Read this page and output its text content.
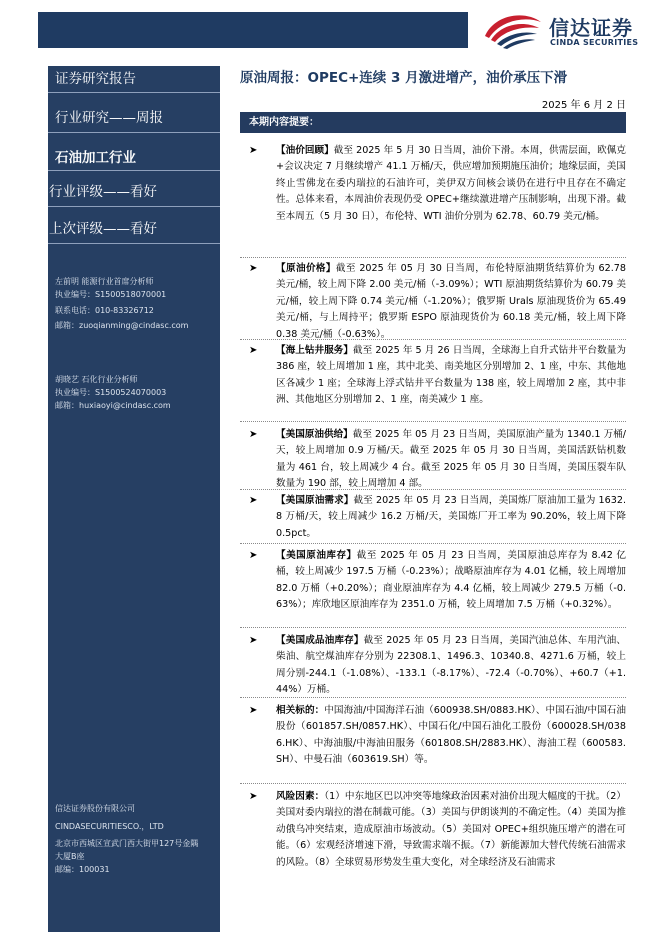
信达证券
CINDA SECURITIES
证券研究报告
行业研究——周报
石油加工行业
左前明 能源行业首席分析师
执业编号：S1500518070001
联系电话：010-83326712
邮箱：zuoqianming@cindasc.com
胡晓艺 石化行业分析师
执业编号：S1500524070003
邮箱：huxiaoyi@cindasc.com
信达证券股份有限公司
CINDASECURITIESCO.，LTD
北京市西城区宣武门西大街甲127号金隅
大厦B座
邮编：100031
行业评级——看好
上次评级——看好
原油周报：OPEC+连续 3 月激进增产，油价承压下滑
2025 年 6 月 2 日
本期内容提要：
➤ 【油价回顾】截至 2025 年 5 月 30 日当周，油价下滑。本周，供需层面，欧佩克+会议决定 7 月继续增产 41.1 万桶/天，供应增加预期施压油价；地缘层面，美国终止雪佛龙在委内瑞拉的石油许可，美伊双方间核会谈仍在进行中且存在不确定性。总体来看，本周油价表现仍受 OPEC+继续激进增产压制影响，出现下滑。截至本周五（5 月 30 日），布伦特、WTI 油价分别为 62.78、60.79 美元/桶。
➤ 【原油价格】截至 2025 年 05 月 30 日当周，布伦特原油期货结算价为 62.78 美元/桶，较上周下降 2.00 美元/桶（-3.09%）；WTI 原油期货结算价为 60.79 美元/桶，较上周下降 0.74 美元/桶（-1.20%）；俄罗斯 Urals 原油现货价为 65.49 美元/桶，与上周持平；俄罗斯 ESPO 原油现货价为 60.18 美元/桶，较上周下降 0.38 美元/桶（-0.63%）。
➤ 【海上钻井服务】截至 2025 年 5 月 26 日当周，全球海上自升式钻井平台数量为 386 座，较上周增加 1 座，其中北美、南美地区分别增加 2、1 座，中东、其他地区各减少 1 座；全球海上浮式钻井平台数量为 138 座，较上周增加 2 座，其中非洲、其他地区分别增加 2、1 座，南美减少 1 座。
➤ 【美国原油供给】截至 2025 年 05 月 23 日当周，美国原油产量为 1340.1 万桶/天，较上周增加 0.9 万桶/天。截至 2025 年 05 月 30 日当周，美国活跃钻机数量为 461 台，较上周减少 4 台。截至 2025 年 05 月 30 日当周，美国压裂车队数量为 190 部，较上周增加 4 部。
➤ 【美国原油需求】截至 2025 年 05 月 23 日当周，美国炼厂原油加工量为 1632.8 万桶/天，较上周减少 16.2 万桶/天，美国炼厂开工率为 90.20%，较上周下降 0.5pct。
➤ 【美国原油库存】截至 2025 年 05 月 23 日当周，美国原油总库存为 8.42 亿桶，较上周减少 197.5 万桶（-0.23%）；战略原油库存为 4.01 亿桶，较上周增加 82.0 万桶（+0.20%）；商业原油库存为 4.4 亿桶，较上周减少 279.5 万桶（-0.63%）；库欣地区原油库存为 2351.0 万桶，较上周增加 7.5 万桶（+0.32%）。
➤ 【美国成品油库存】截至 2025 年 05 月 23 日当周，美国汽油总体、车用汽油、柴油、航空煤油库存分别为 22308.1、1496.3、10340.8、4271.6 万桶，较上周分别-244.1（-1.08%）、-133.1（-8.17%）、-72.4（-0.70%）、+60.7（+1.44%）万桶。
➤ 相关标的：中国海油/中国海洋石油（600938.SH/0883.HK）、中国石油/中国石油股份（601857.SH/0857.HK）、中国石化/中国石油化工股份（600028.SH/0386.HK）、中海油服/中海油田服务（601808.SH/2883.HK）、海油工程（600583.SH）、中曼石油（603619.SH）等。
➤ 风险因素：（1）中东地区巴以冲突等地缘政治因素对油价出现大幅度的干扰。（2）美国对委内瑞拉的潜在制裁可能。（3）美国与伊朗谈判的不确定性。（4）美国为推动俄乌冲突结束，造成原油市场波动。（5）美国对 OPEC+组织施压增产的潜在可能。（6）宏观经济增速下滑，导致需求端不振。（7）新能源加大替代传统石油需求的风险。（8）全球贸易形势发生重大变化，对全球经济及石油需求
